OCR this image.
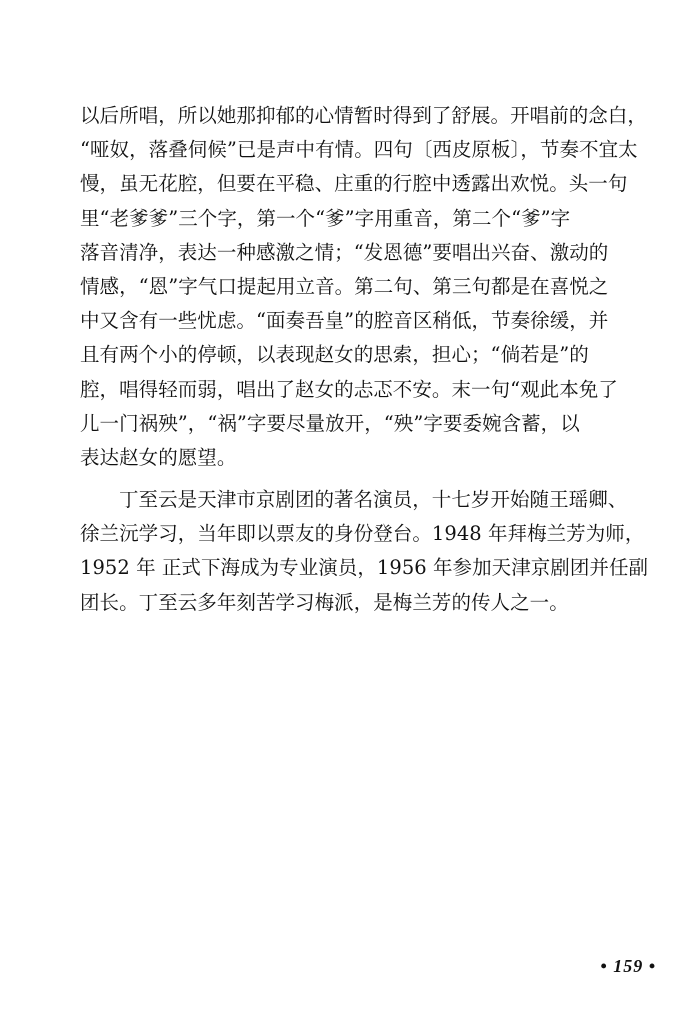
以后所唱，所以她那抑郁的心情暂时得到了舒展。开唱前的念白，
“哑奴，落叠伺候”已是声中有情。四句〔西皮原板〕，节奏不宜太
慢，虽无花腔，但要在平稳、庄重的行腔中透露出欢悦。头一句
里“老爹爹”三个字，第一个“爹”字用重音，第二个“爹”字
落音清净，表达一种感激之情；“发恩德”要唱出兴奋、激动的
情感，“恩”字气口提起用立音。第二句、第三句都是在喜悦之
中又含有一些忧虑。“面奏吾皇”的腔音区稍低，节奏徐缓，并
且有两个小的停顿，以表现赵女的思索，担心；“倘若是”的
腔，唱得轻而弱，唱出了赵女的忐忑不安。末一句“观此本免了
儿一门祸殃”，“祸”字要尽量放开，“殃”字要委婉含蓄，以
表达赵女的愿望。
丁至云是天津市京剧团的著名演员，十七岁开始随王瑶卿、
徐兰沅学习，当年即以票友的身份登台。1948 年拜梅兰芳为师，
1952 年 正式下海成为专业演员，1956 年参加天津京剧团并任副
团长。丁至云多年刻苦学习梅派，是梅兰芳的传人之一。
• 159 •
